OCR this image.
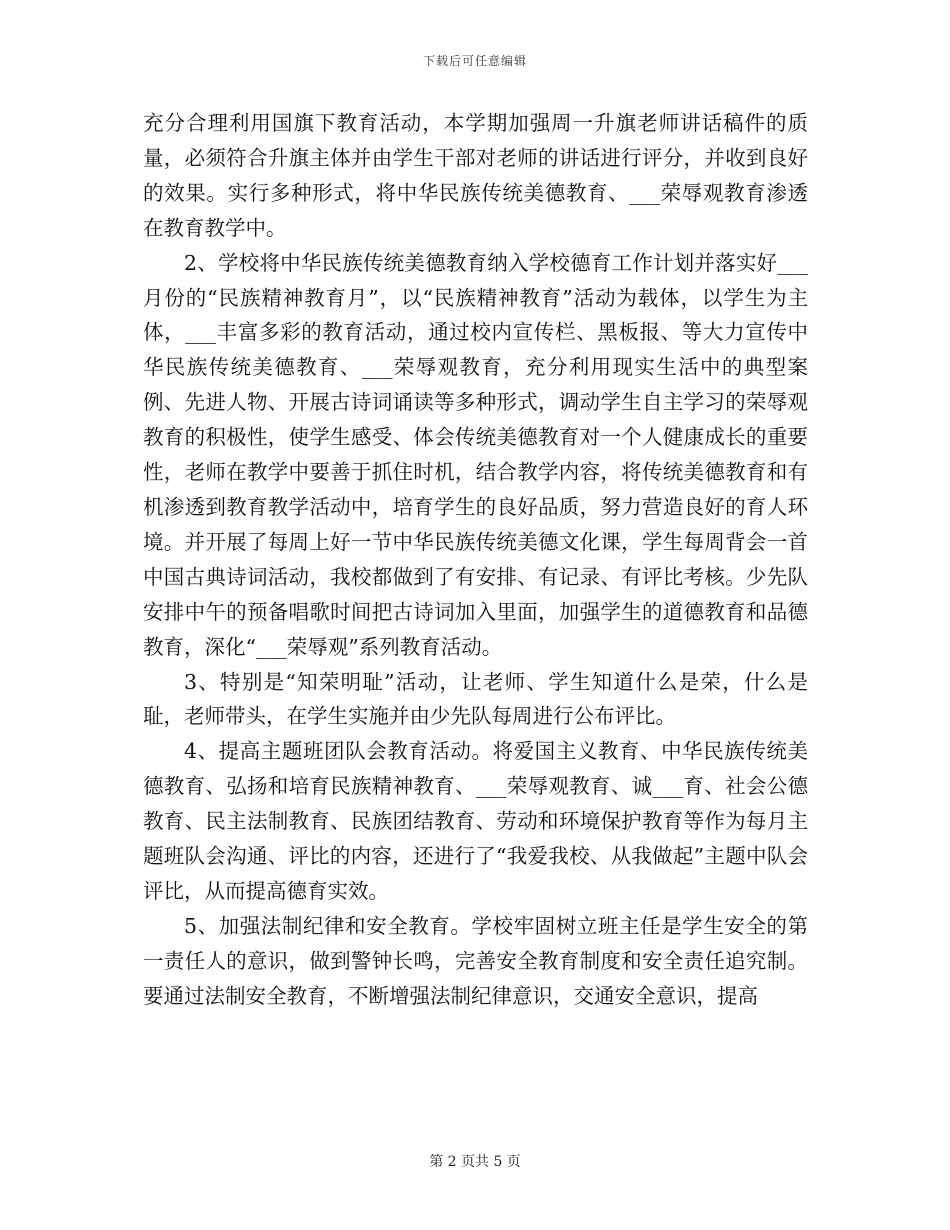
下载后可任意编辑

充分合理利用国旗下教育活动，本学期加强周一升旗老师讲话稿件的质量，必须符合升旗主体并由学生干部对老师的讲话进行评分，并收到良好的效果。实行多种形式，将中华民族传统美德教育、___荣辱观教育渗透在教育教学中。

2、学校将中华民族传统美德教育纳入学校德育工作计划并落实好___月份的“民族精神教育月”，以“民族精神教育”活动为载体，以学生为主体，___丰富多彩的教育活动，通过校内宣传栏、黑板报、等大力宣传中华民族传统美德教育、___荣辱观教育，充分利用现实生活中的典型案例、先进人物、开展古诗词诵读等多种形式，调动学生自主学习的荣辱观教育的积极性，使学生感受、体会传统美德教育对一个人健康成长的重要性，老师在教学中要善于抓住时机，结合教学内容，将传统美德教育和有机渗透到教育教学活动中，培育学生的良好品质，努力营造良好的育人环境。并开展了每周上好一节中华民族传统美德文化课，学生每周背会一首中国古典诗词活动，我校都做到了有安排、有记录、有评比考核。少先队安排中午的预备唱歌时间把古诗词加入里面，加强学生的道德教育和品德教育，深化“___荣辱观”系列教育活动。

3、特别是“知荣明耻”活动，让老师、学生知道什么是荣，什么是耻，老师带头，在学生实施并由少先队每周进行公布评比。

4、提高主题班团队会教育活动。将爱国主义教育、中华民族传统美德教育、弘扬和培育民族精神教育、___荣辱观教育、诚___育、社会公德教育、民主法制教育、民族团结教育、劳动和环境保护教育等作为每月主题班队会沟通、评比的内容，还进行了“我爱我校、从我做起”主题中队会评比，从而提高德育实效。

5、加强法制纪律和安全教育。学校牢固树立班主任是学生安全的第一责任人的意识，做到警钟长鸣，完善安全教育制度和安全责任追究制。要通过法制安全教育，不断增强法制纪律意识，交通安全意识，提高

第 2 页共 5 页
